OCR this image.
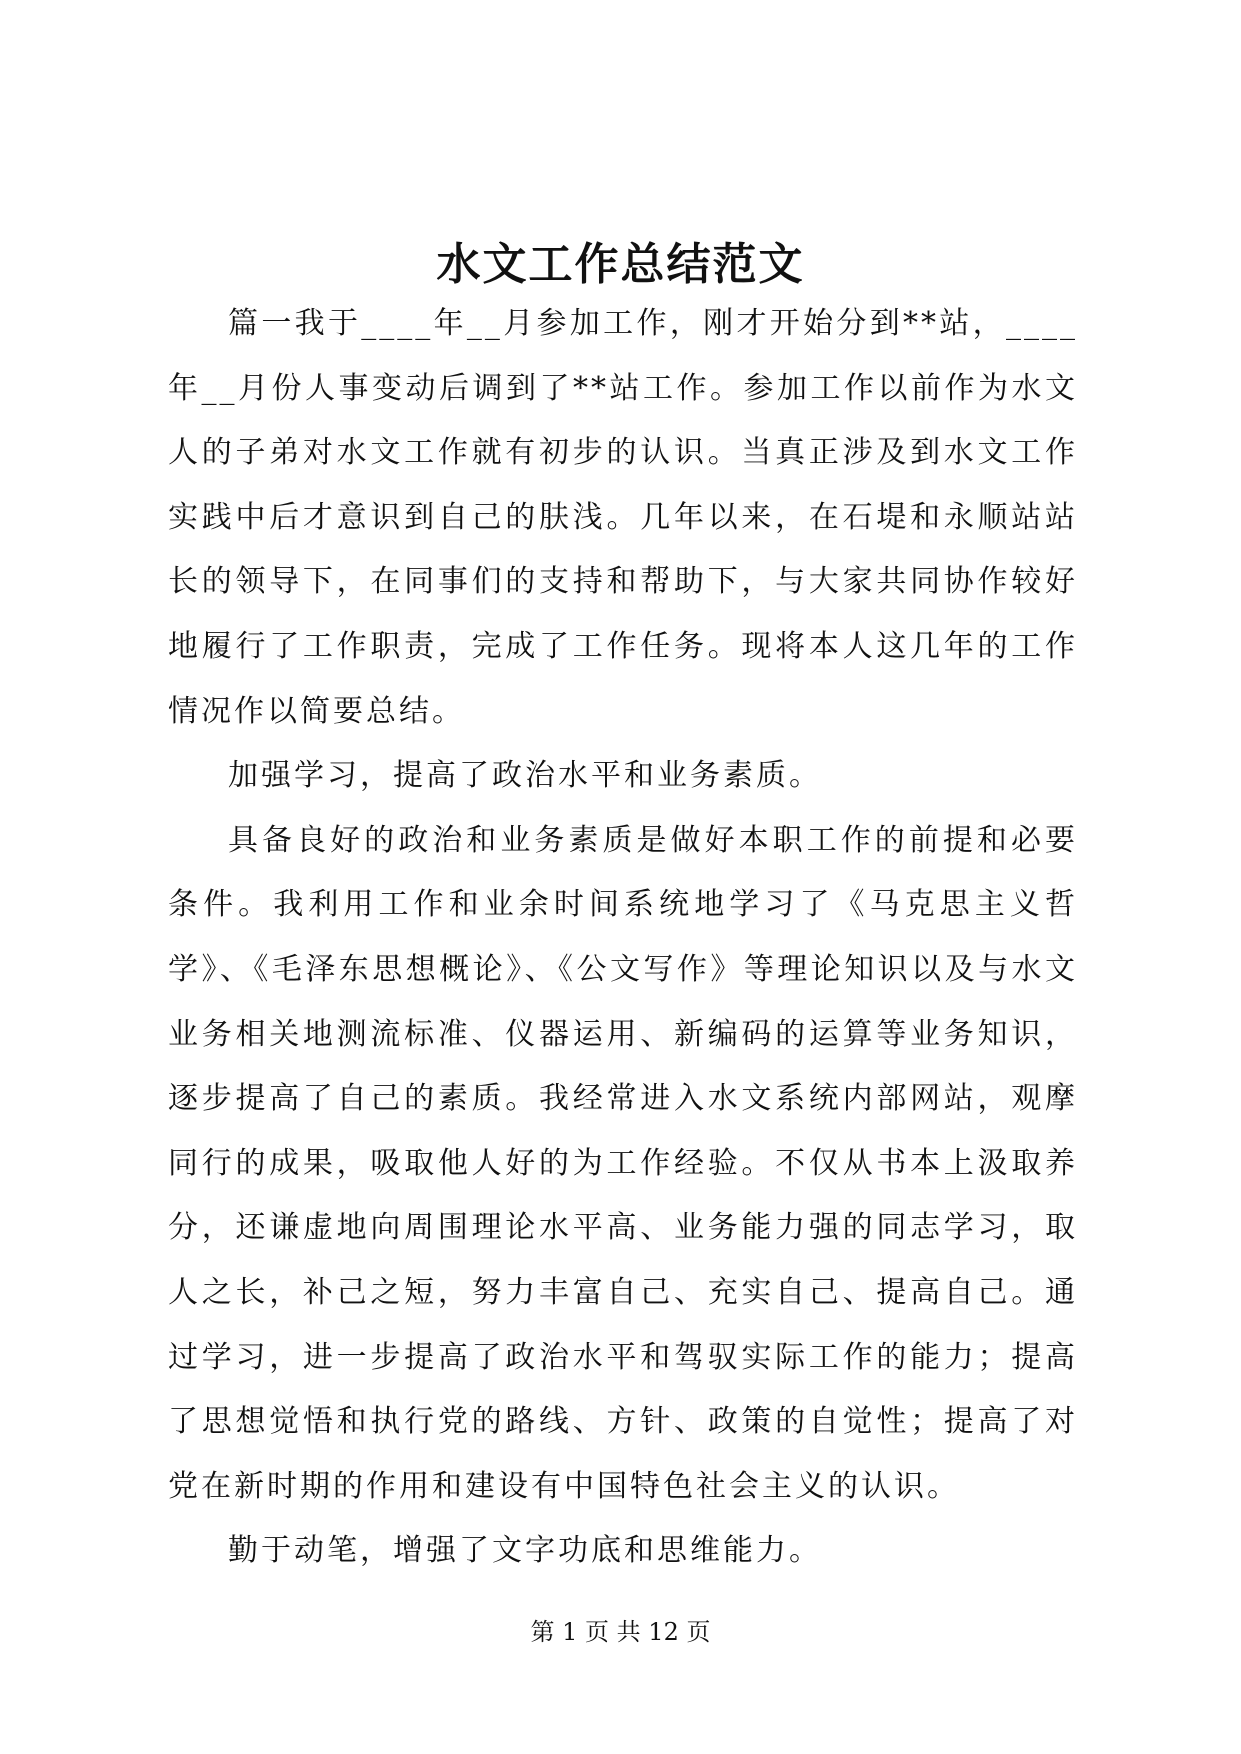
水文工作总结范文

篇一我于____年__月参加工作，刚才开始分到**站，____年__月份人事变动后调到了**站工作。参加工作以前作为水文人的子弟对水文工作就有初步的认识。当真正涉及到水文工作实践中后才意识到自己的肤浅。几年以来，在石堤和永顺站站长的领导下，在同事们的支持和帮助下，与大家共同协作较好地履行了工作职责，完成了工作任务。现将本人这几年的工作情况作以简要总结。

加强学习，提高了政治水平和业务素质。

具备良好的政治和业务素质是做好本职工作的前提和必要条件。我利用工作和业余时间系统地学习了《马克思主义哲学》、《毛泽东思想概论》、《公文写作》等理论知识以及与水文业务相关地测流标准、仪器运用、新编码的运算等业务知识，逐步提高了自己的素质。我经常进入水文系统内部网站，观摩同行的成果，吸取他人好的为工作经验。不仅从书本上汲取养分，还谦虚地向周围理论水平高、业务能力强的同志学习，取人之长，补己之短，努力丰富自己、充实自己、提高自己。通过学习，进一步提高了政治水平和驾驭实际工作的能力；提高了思想觉悟和执行党的路线、方针、政策的自觉性；提高了对党在新时期的作用和建设有中国特色社会主义的认识。

勤于动笔，增强了文字功底和思维能力。

第 1 页 共 12 页
